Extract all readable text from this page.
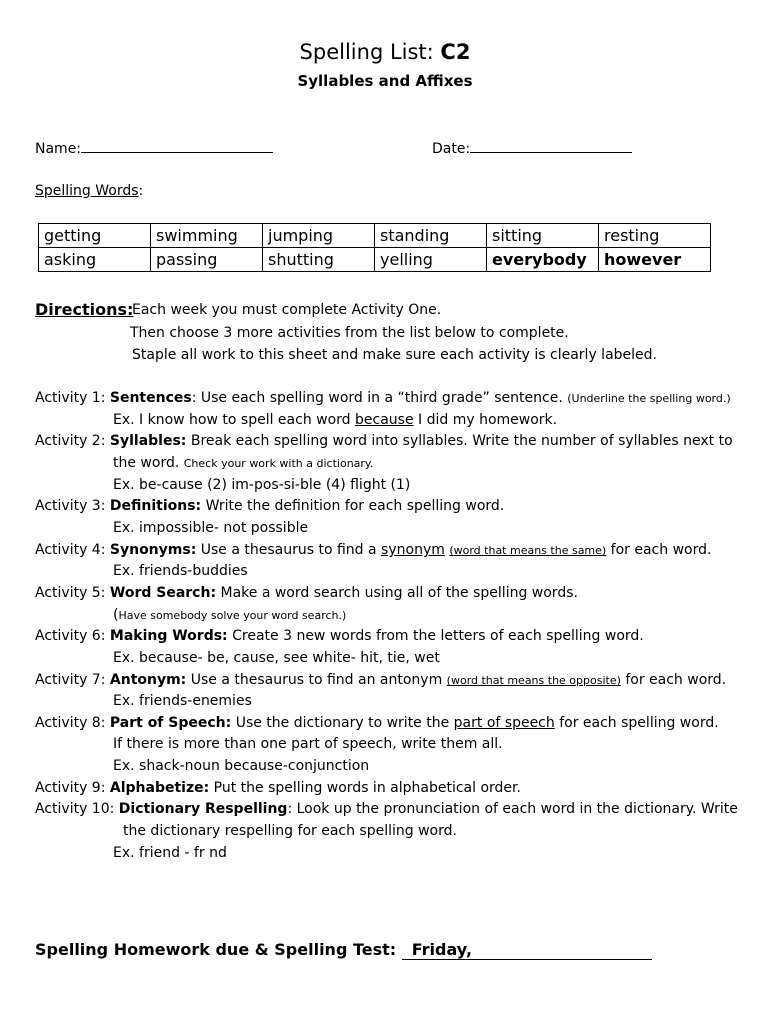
Spelling List: C2
Syllables and Affixes
Name:	Date:
Spelling Words:
getting	swimming	jumping	standing	sitting	resting
asking	passing	shutting	yelling	everybody	however
Directions:
Each week you must complete Activity One.
Then choose 3 more activities from the list below to complete.
Staple all work to this sheet and make sure each activity is clearly labeled.
Activity 1: Sentences: Use each spelling word in a “third grade” sentence. (Underline the spelling word.)
Ex. I know how to spell each word because I did my homework.
Activity 2: Syllables: Break each spelling word into syllables. Write the number of syllables next to
the word. Check your work with a dictionary.
Ex. be-cause (2) im-pos-si-ble (4) flight (1)
Activity 3: Definitions: Write the definition for each spelling word.
Ex. impossible- not possible
Activity 4: Synonyms: Use a thesaurus to find a synonym (word that means the same) for each word.
Ex. friends-buddies
Activity 5: Word Search: Make a word search using all of the spelling words.
(Have somebody solve your word search.)
Activity 6: Making Words: Create 3 new words from the letters of each spelling word.
Ex. because- be, cause, see white- hit, tie, wet
Activity 7: Antonym: Use a thesaurus to find an antonym (word that means the opposite) for each word.
Ex. friends-enemies
Activity 8: Part of Speech: Use the dictionary to write the part of speech for each spelling word.
If there is more than one part of speech, write them all.
Ex. shack-noun because-conjunction
Activity 9: Alphabetize: Put the spelling words in alphabetical order.
Activity 10: Dictionary Respelling: Look up the pronunciation of each word in the dictionary. Write
the dictionary respelling for each spelling word.
Ex. friend - fr nd
Spelling Homework due & Spelling Test: Friday,
